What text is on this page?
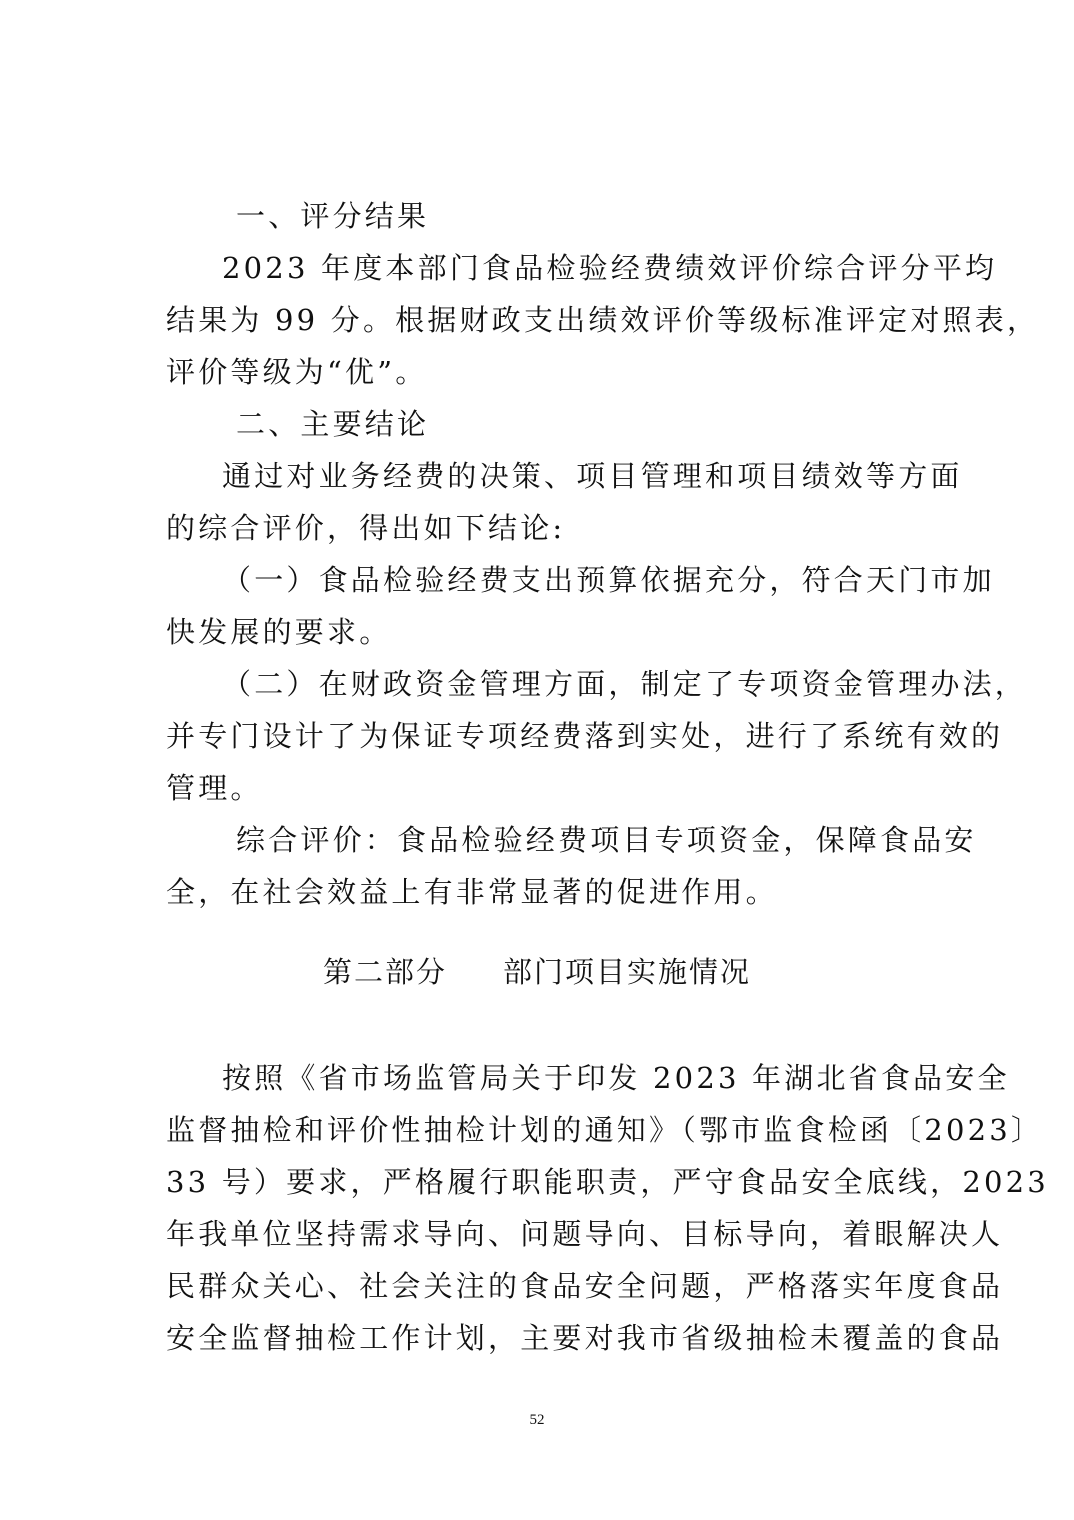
一、评分结果
2023 年度本部门食品检验经费绩效评价综合评分平均
结果为 99 分。根据财政支出绩效评价等级标准评定对照表，
评价等级为“优”。
二、主要结论
通过对业务经费的决策、项目管理和项目绩效等方面
的综合评价，得出如下结论:
（一）食品检验经费支出预算依据充分，符合天门市加
快发展的要求。
（二）在财政资金管理方面，制定了专项资金管理办法，
并专门设计了为保证专项经费落到实处，进行了系统有效的
管理。
综合评价：食品检验经费项目专项资金，保障食品安
全，在社会效益上有非常显著的促进作用。
第二部分     部门项目实施情况
按照《省市场监管局关于印发 2023 年湖北省食品安全
监督抽检和评价性抽检计划的通知》（鄂市监食检函〔2023〕
33 号）要求，严格履行职能职责，严守食品安全底线，2023
年我单位坚持需求导向、问题导向、目标导向，着眼解决人
民群众关心、社会关注的食品安全问题，严格落实年度食品
安全监督抽检工作计划，主要对我市省级抽检未覆盖的食品
52
